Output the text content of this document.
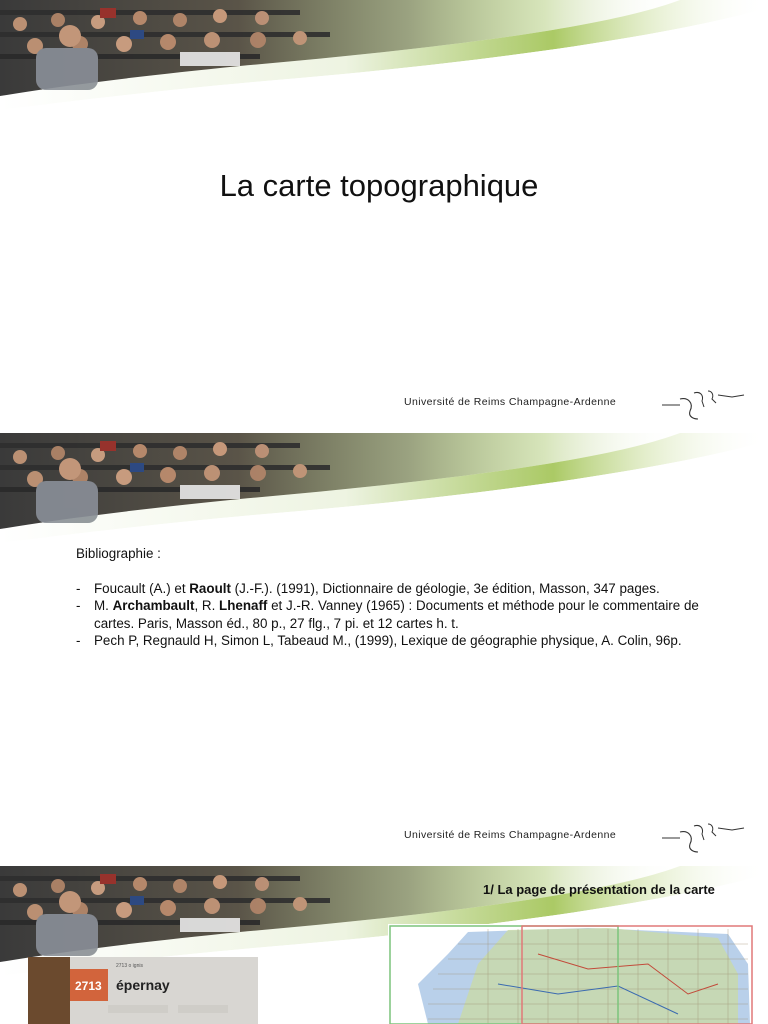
La carte topographique
Université de Reims Champagne-Ardenne
Bibliographie :
- Foucault (A.) et Raoult (J.-F.). (1991), Dictionnaire de géologie, 3e édition, Masson, 347 pages.
- M. Archambault, R. Lhenaff et J.-R. Vanney (1965) : Documents et méthode pour le commentaire de cartes. Paris, Masson éd., 80 p., 27 flg., 7 pi. et 12 cartes h. t.
- Pech P, Regnauld H, Simon L, Tabeaud M., (1999), Lexique de géographie physique, A. Colin, 96p.
Université de Reims Champagne-Ardenne
1/ La page de présentation de la carte
2713 épernay
2713 o ignis
